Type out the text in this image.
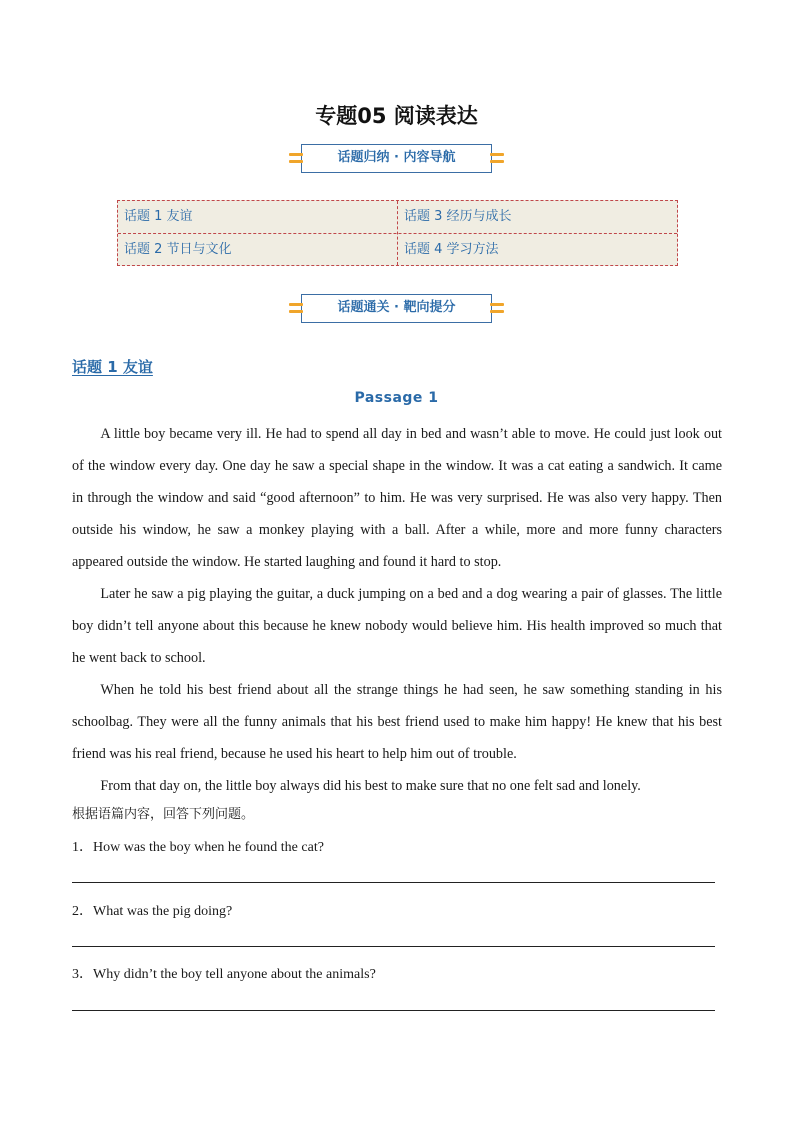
专题05 阅读表达
话题归纳 · 内容导航
话题 1 友谊	话题 3 经历与成长
话题 2 节日与文化	话题 4 学习方法
话题通关 · 靶向提分
话题 1 友谊
Passage 1

A little boy became very ill. He had to spend all day in bed and wasn’t able to move. He could just look out of the window every day. One day he saw a special shape in the window. It was a cat eating a sandwich. It came in through the window and said “good afternoon” to him. He was very surprised. He was also very happy. Then outside his window, he saw a monkey playing with a ball. After a while, more and more funny characters appeared outside the window. He started laughing and found it hard to stop.

Later he saw a pig playing the guitar, a duck jumping on a bed and a dog wearing a pair of glasses. The little boy didn’t tell anyone about this because he knew nobody would believe him. His health improved so much that he went back to school.

When he told his best friend about all the strange things he had seen, he saw something standing in his schoolbag. They were all the funny animals that his best friend used to make him happy! He knew that his best friend was his real friend, because he used his heart to help him out of trouble.

From that day on, the little boy always did his best to make sure that no one felt sad and lonely.

根据语篇内容，回答下列问题。
1．How was the boy when he found the cat?
2．What was the pig doing?
3．Why didn’t the boy tell anyone about the animals?
